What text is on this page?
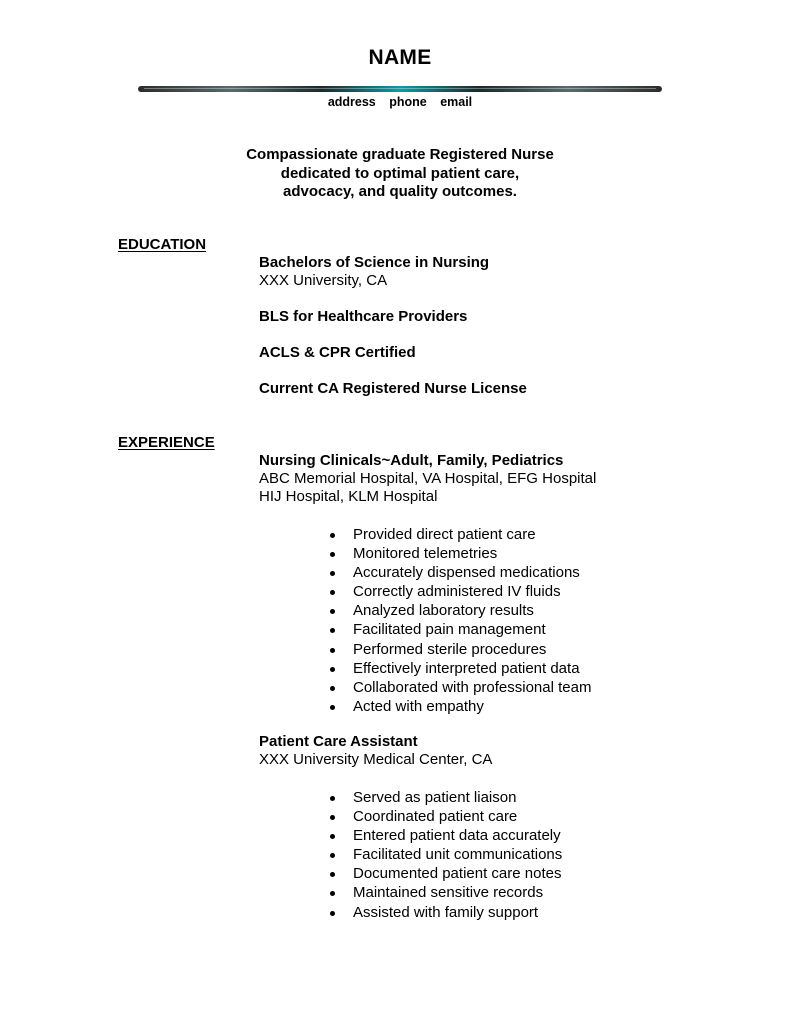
NAME
address phone email
Compassionate graduate Registered Nurse
dedicated to optimal patient care,
advocacy, and quality outcomes.
EDUCATION
Bachelors of Science in Nursing
XXX University, CA
BLS for Healthcare Providers
ACLS & CPR Certified
Current CA Registered Nurse License
EXPERIENCE
Nursing Clinicals~Adult, Family, Pediatrics
ABC Memorial Hospital, VA Hospital, EFG Hospital
HIJ Hospital, KLM Hospital
Provided direct patient care
Monitored telemetries
Accurately dispensed medications
Correctly administered IV fluids
Analyzed laboratory results
Facilitated pain management
Performed sterile procedures
Effectively interpreted patient data
Collaborated with professional team
Acted with empathy
Patient Care Assistant
XXX University Medical Center, CA
Served as patient liaison
Coordinated patient care
Entered patient data accurately
Facilitated unit communications
Documented patient care notes
Maintained sensitive records
Assisted with family support
